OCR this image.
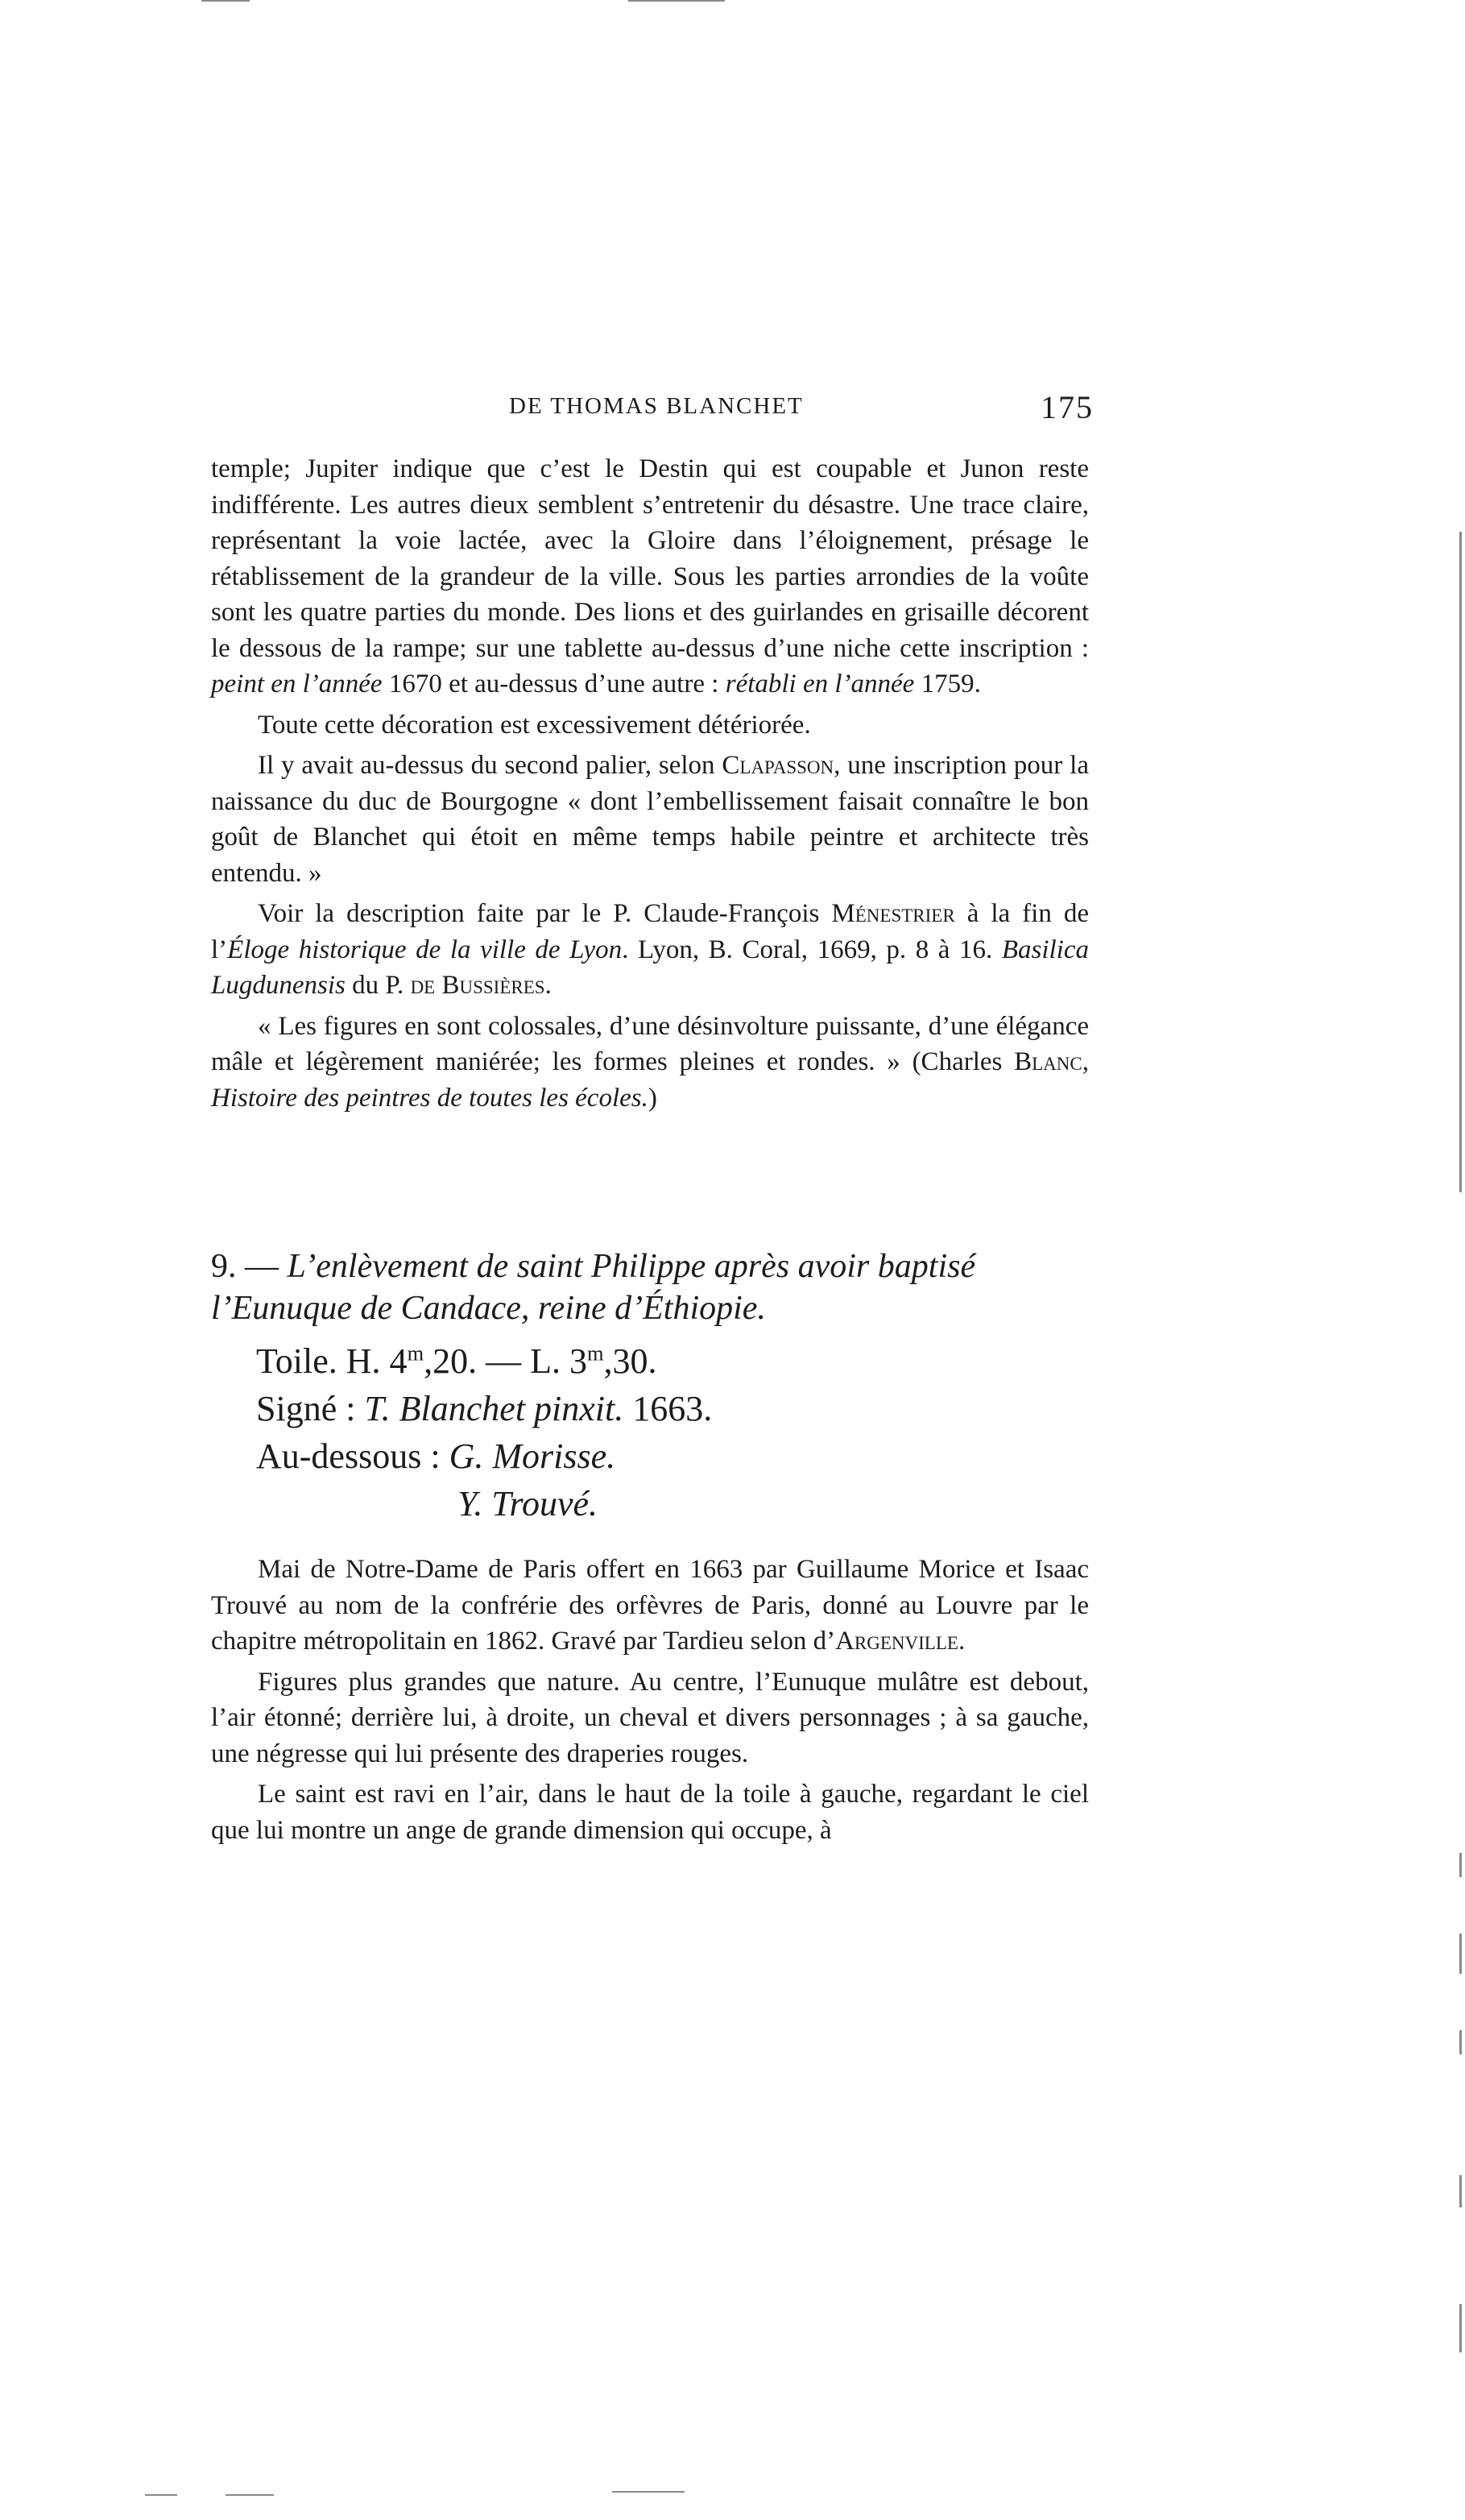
DE THOMAS BLANCHET	175

temple; Jupiter indique que c’est le Destin qui est coupable et Junon reste indifférente. Les autres dieux semblent s’entretenir du désastre. Une trace claire, représentant la voie lactée, avec la Gloire dans l’éloignement, présage le rétablissement de la grandeur de la ville. Sous les parties arrondies de la voûte sont les quatre parties du monde. Des lions et des guirlandes en grisaille décorent le dessous de la rampe; sur une tablette au-dessus d’une niche cette inscription : peint en l’année 1670 et au-dessus d’une autre : rétabli en l’année 1759.

Toute cette décoration est excessivement détériorée.

Il y avait au-dessus du second palier, selon Clapasson, une inscription pour la naissance du duc de Bourgogne « dont l’embellissement faisait connaître le bon goût de Blanchet qui étoit en même temps habile peintre et architecte très entendu. »

Voir la description faite par le P. Claude-François Ménestrier à la fin de l’Éloge historique de la ville de Lyon. Lyon, B. Coral, 1669, p. 8 à 16. Basilica Lugdunensis du P. de Bussières.

« Les figures en sont colossales, d’une désinvolture puissante, d’une élégance mâle et légèrement maniérée; les formes pleines et rondes. » (Charles Blanc, Histoire des peintres de toutes les écoles.)

9. — L’enlèvement de saint Philippe après avoir baptisé l’Eunuque de Candace, reine d’Éthiopie.
Toile. H. 4$^m$,20. — L. 3$^m$,30.
Signé : T. Blanchet pinxit. 1663.
Au-dessous : G. Morisse.
Y. Trouvé.

Mai de Notre-Dame de Paris offert en 1663 par Guillaume Morice et Isaac Trouvé au nom de la confrérie des orfèvres de Paris, donné au Louvre par le chapitre métropolitain en 1862. Gravé par Tardieu selon d’Argenville.

Figures plus grandes que nature. Au centre, l’Eunuque mulâtre est debout, l’air étonné; derrière lui, à droite, un cheval et divers personnages ; à sa gauche, une négresse qui lui présente des draperies rouges.

Le saint est ravi en l’air, dans le haut de la toile à gauche, regardant le ciel que lui montre un ange de grande dimension qui occupe, à
